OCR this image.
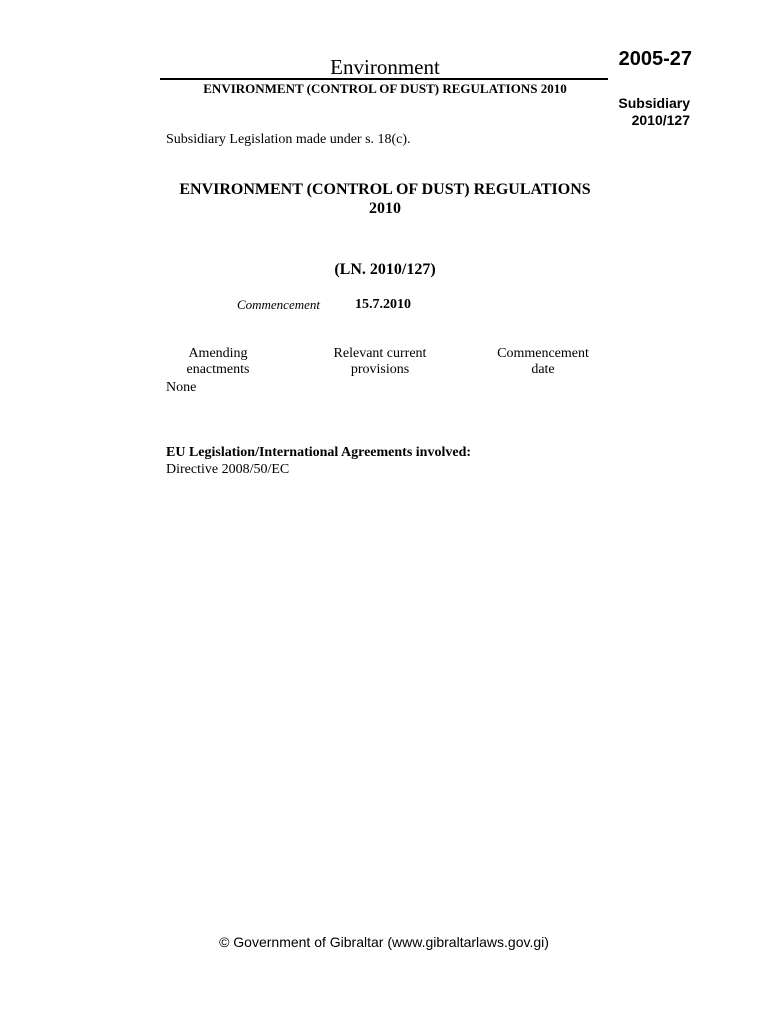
Environment
ENVIRONMENT (CONTROL OF DUST) REGULATIONS 2010
2005-27
Subsidiary
2010/127
Subsidiary Legislation made under s. 18(c).
ENVIRONMENT (CONTROL OF DUST) REGULATIONS
2010
(LN. 2010/127)
Commencement	15.7.2010
Amending
enactments
Relevant current
provisions
Commencement
date
None
EU Legislation/International Agreements involved:
Directive 2008/50/EC
© Government of Gibraltar (www.gibraltarlaws.gov.gi)
